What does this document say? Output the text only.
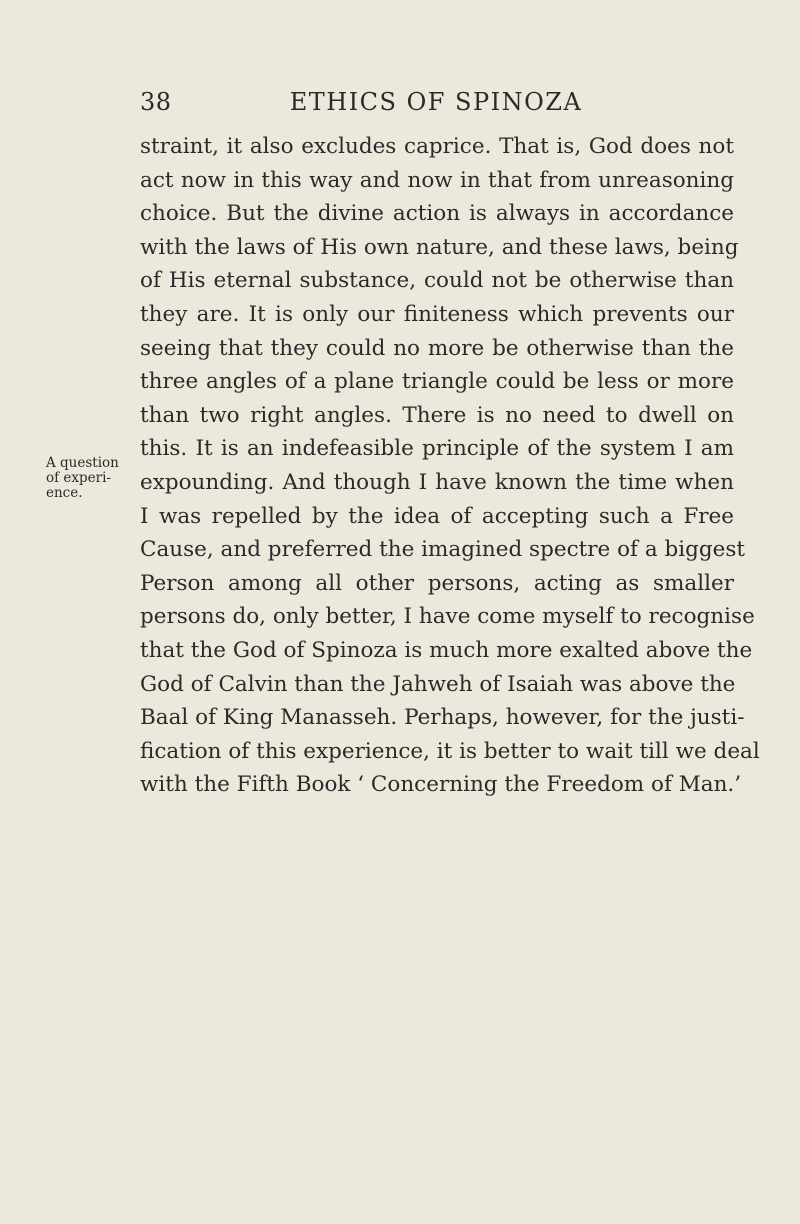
38	ETHICS OF SPINOZA
A question
of experi-
ence.
straint, it also excludes caprice. That is, God does not
act now in this way and now in that from unreasoning
choice. But the divine action is always in accordance
with the laws of His own nature, and these laws, being
of His eternal substance, could not be otherwise than
they are. It is only our finiteness which prevents our
seeing that they could no more be otherwise than the
three angles of a plane triangle could be less or more
than two right angles. There is no need to dwell on
this. It is an indefeasible principle of the system I am
expounding. And though I have known the time when
I was repelled by the idea of accepting such a Free
Cause, and preferred the imagined spectre of a biggest
Person among all other persons, acting as smaller
persons do, only better, I have come myself to recognise
that the God of Spinoza is much more exalted above the
God of Calvin than the Jahweh of Isaiah was above the
Baal of King Manasseh. Perhaps, however, for the justi-
fication of this experience, it is better to wait till we deal
with the Fifth Book ‘ Concerning the Freedom of Man.’
